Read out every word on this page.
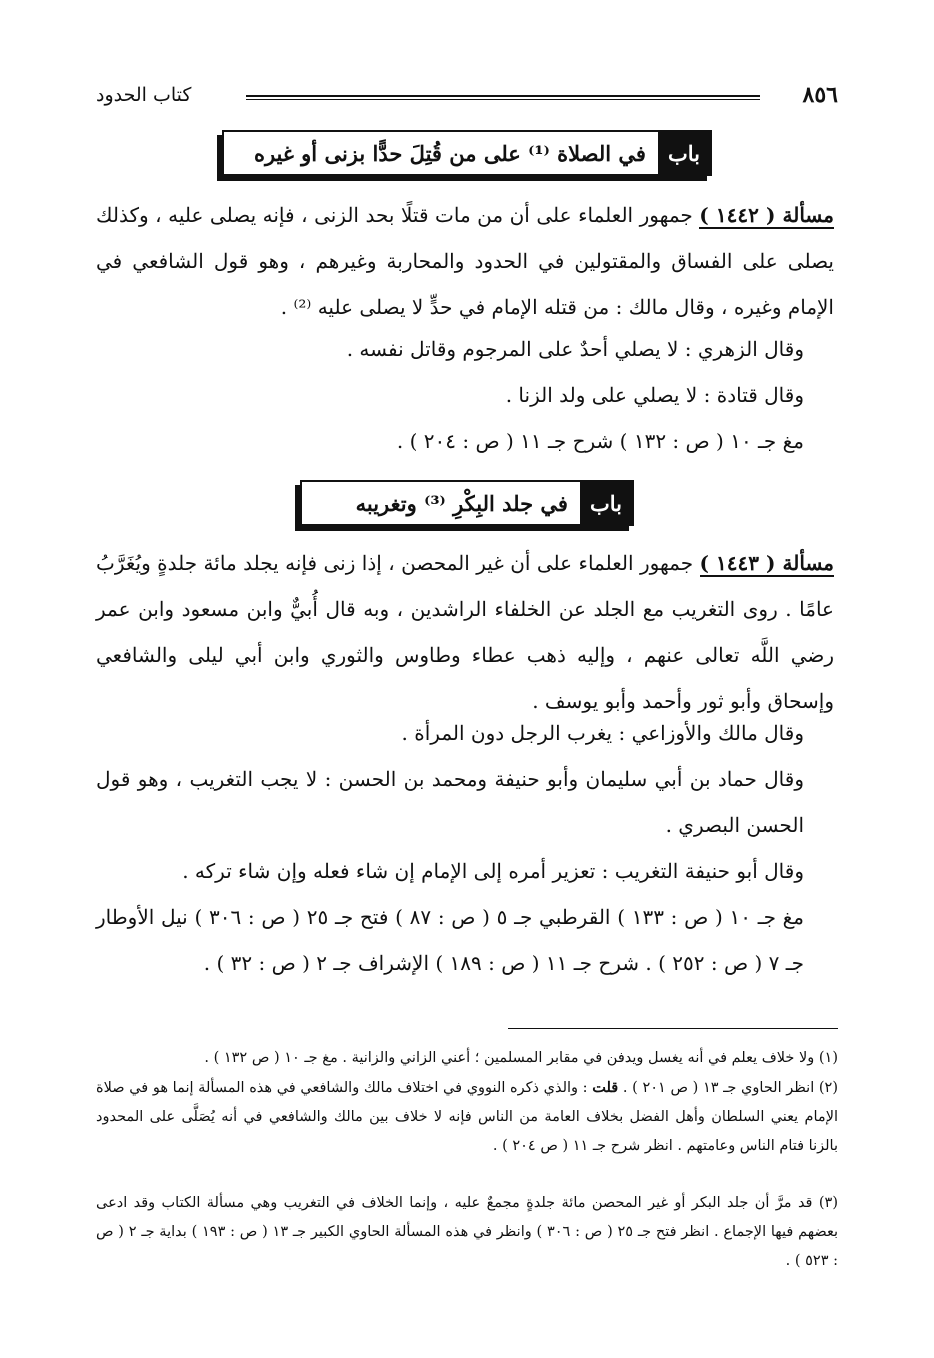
٨٥٦
كتاب الحدود
باب
في الصلاة ⁽¹⁾ على من قُتِلَ حدًّا بزنى أو غيره
مسألة ( ١٤٤٢ ) جمهور العلماء على أن من مات قتلًا بحد الزنى ، فإنه يصلى عليه ، وكذلك يصلى على الفساق والمقتولين في الحدود والمحاربة وغيرهم ، وهو قول الشافعي في الإمام وغيره ، وقال مالك : من قتله الإمام في حدٍّ لا يصلى عليه ⁽²⁾ .
وقال الزهري : لا يصلي أحدٌ على المرجوم وقاتل نفسه .
وقال قتادة : لا يصلي على ولد الزنا .
مغ جـ ١٠ ( ص : ١٣٢ ) شرح جـ ١١ ( ص : ٢٠٤ ) .
باب
في جلد البِكْرِ ⁽³⁾ وتغريبه
مسألة ( ١٤٤٣ ) جمهور العلماء على أن غير المحصن ، إذا زنى فإنه يجلد مائة جلدةٍ ويُغَرَّبُ عامًا . روى التغريب مع الجلد عن الخلفاء الراشدين ، وبه قال أُبيٌّ وابن مسعود وابن عمر رضي اللَّه تعالى عنهم ، وإليه ذهب عطاء وطاوس والثوري وابن أبي ليلى والشافعي وإسحاق وأبو ثور وأحمد وأبو يوسف .
وقال مالك والأوزاعي : يغرب الرجل دون المرأة .
وقال حماد بن أبي سليمان وأبو حنيفة ومحمد بن الحسن : لا يجب التغريب ، وهو قول الحسن البصري .
وقال أبو حنيفة التغريب : تعزير أمره إلى الإمام إن شاء فعله وإن شاء تركه .
مغ جـ ١٠ ( ص : ١٣٣ ) القرطبي جـ ٥ ( ص : ٨٧ ) فتح جـ ٢٥ ( ص : ٣٠٦ ) نيل الأوطار جـ ٧ ( ص : ٢٥٢ ) . شرح جـ ١١ ( ص : ١٨٩ ) الإشراف جـ ٢ ( ص : ٣٢ ) .
(١) ولا خلاف يعلم في أنه يغسل ويدفن في مقابر المسلمين ؛ أعني الزاني والزانية . مغ جـ ١٠ ( ص ١٣٢ ) .
(٢) انظر الحاوي جـ ١٣ ( ص ٢٠١ ) . قلت : والذي ذكره النووي في اختلاف مالك والشافعي في هذه المسألة إنما هو في صلاة الإمام يعني السلطان وأهل الفضل بخلاف العامة من الناس فإنه لا خلاف بين مالك والشافعي في أنه يُصَلَّى على المحدود بالزنا فتام الناس وعامتهم . انظر شرح جـ ١١ ( ص ٢٠٤ ) .
(٣) قد مرَّ أن جلد البكر أو غير المحصن مائة جلدةٍ مجمعٌ عليه ، وإنما الخلاف في التغريب وهي مسألة الكتاب وقد ادعى بعضهم فيها الإجماع . انظر فتح جـ ٢٥ ( ص : ٣٠٦ ) وانظر في هذه المسألة الحاوي الكبير جـ ١٣ ( ص : ١٩٣ ) بداية جـ ٢ ( ص : ٥٢٣ ) .
